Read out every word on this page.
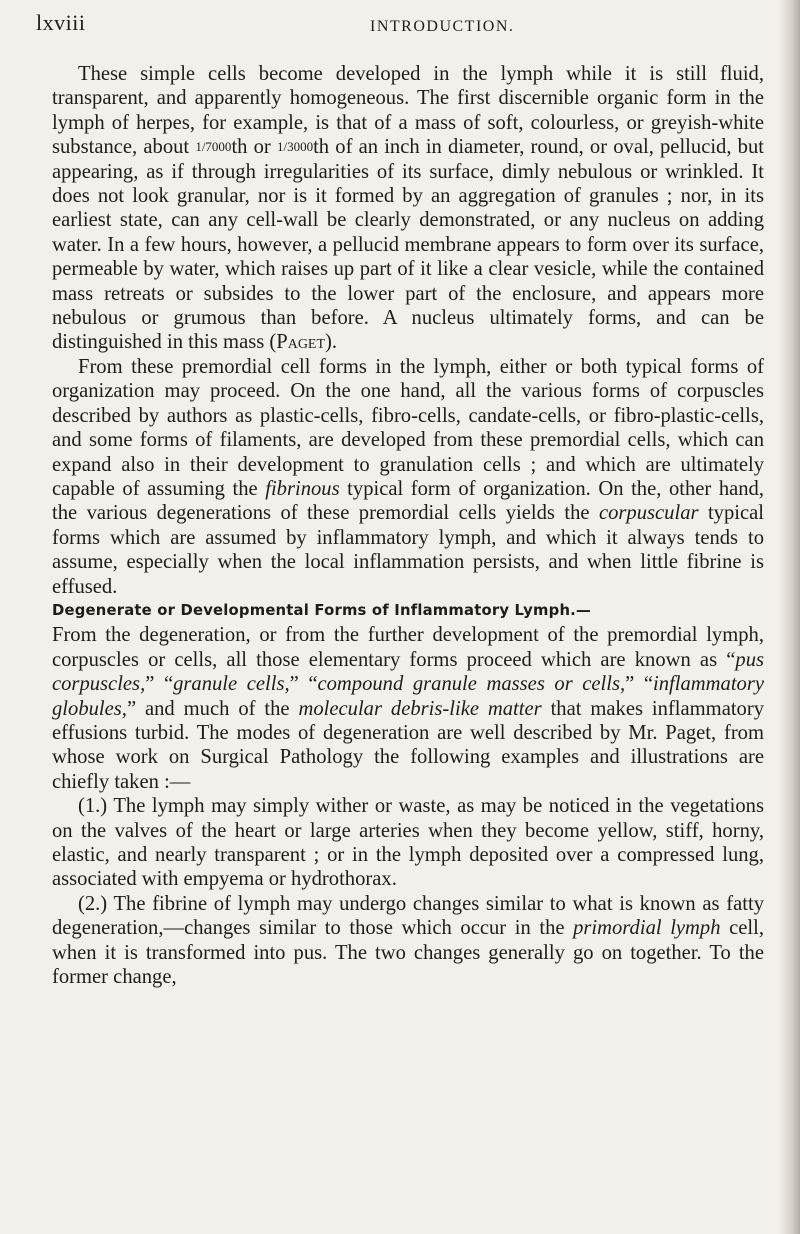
lxviii	INTRODUCTION.

These simple cells become developed in the lymph while it is still fluid, transparent, and apparently homogeneous. The first discernible organic form in the lymph of herpes, for example, is that of a mass of soft, colourless, or greyish-white substance, about 1/7000th or 1/3000th of an inch in diameter, round, or oval, pellucid, but appearing, as if through irregularities of its surface, dimly nebulous or wrinkled. It does not look granular, nor is it formed by an aggregation of granules ; nor, in its earliest state, can any cell-wall be clearly demonstrated, or any nucleus on adding water. In a few hours, however, a pellucid membrane appears to form over its surface, permeable by water, which raises up part of it like a clear vesicle, while the contained mass retreats or subsides to the lower part of the enclosure, and appears more nebulous or grumous than before. A nucleus ultimately forms, and can be distinguished in this mass (Paget).

From these premordial cell forms in the lymph, either or both typical forms of organization may proceed. On the one hand, all the various forms of corpuscles described by authors as plastic-cells, fibro-cells, candate-cells, or fibro-plastic-cells, and some forms of filaments, are developed from these premordial cells, which can expand also in their development to granulation cells ; and which are ultimately capable of assuming the fibrinous typical form of organization. On the, other hand, the various degenerations of these premordial cells yields the corpuscular typical forms which are assumed by inflammatory lymph, and which it always tends to assume, especially when the local inflammation persists, and when little fibrine is effused.

Degenerate or Developmental Forms of Inflammatory Lymph.—

From the degeneration, or from the further development of the premordial lymph, corpuscles or cells, all those elementary forms proceed which are known as “pus corpuscles,” “granule cells,” “compound granule masses or cells,” “inflammatory globules,” and much of the molecular debris-like matter that makes inflammatory effusions turbid. The modes of degeneration are well described by Mr. Paget, from whose work on Surgical Pathology the following examples and illustrations are chiefly taken :—

(1.) The lymph may simply wither or waste, as may be noticed in the vegetations on the valves of the heart or large arteries when they become yellow, stiff, horny, elastic, and nearly transparent ; or in the lymph deposited over a compressed lung, associated with empyema or hydrothorax.

(2.) The fibrine of lymph may undergo changes similar to what is known as fatty degeneration,—changes similar to those which occur in the primordial lymph cell, when it is transformed into pus. The two changes generally go on together. To the former change,
